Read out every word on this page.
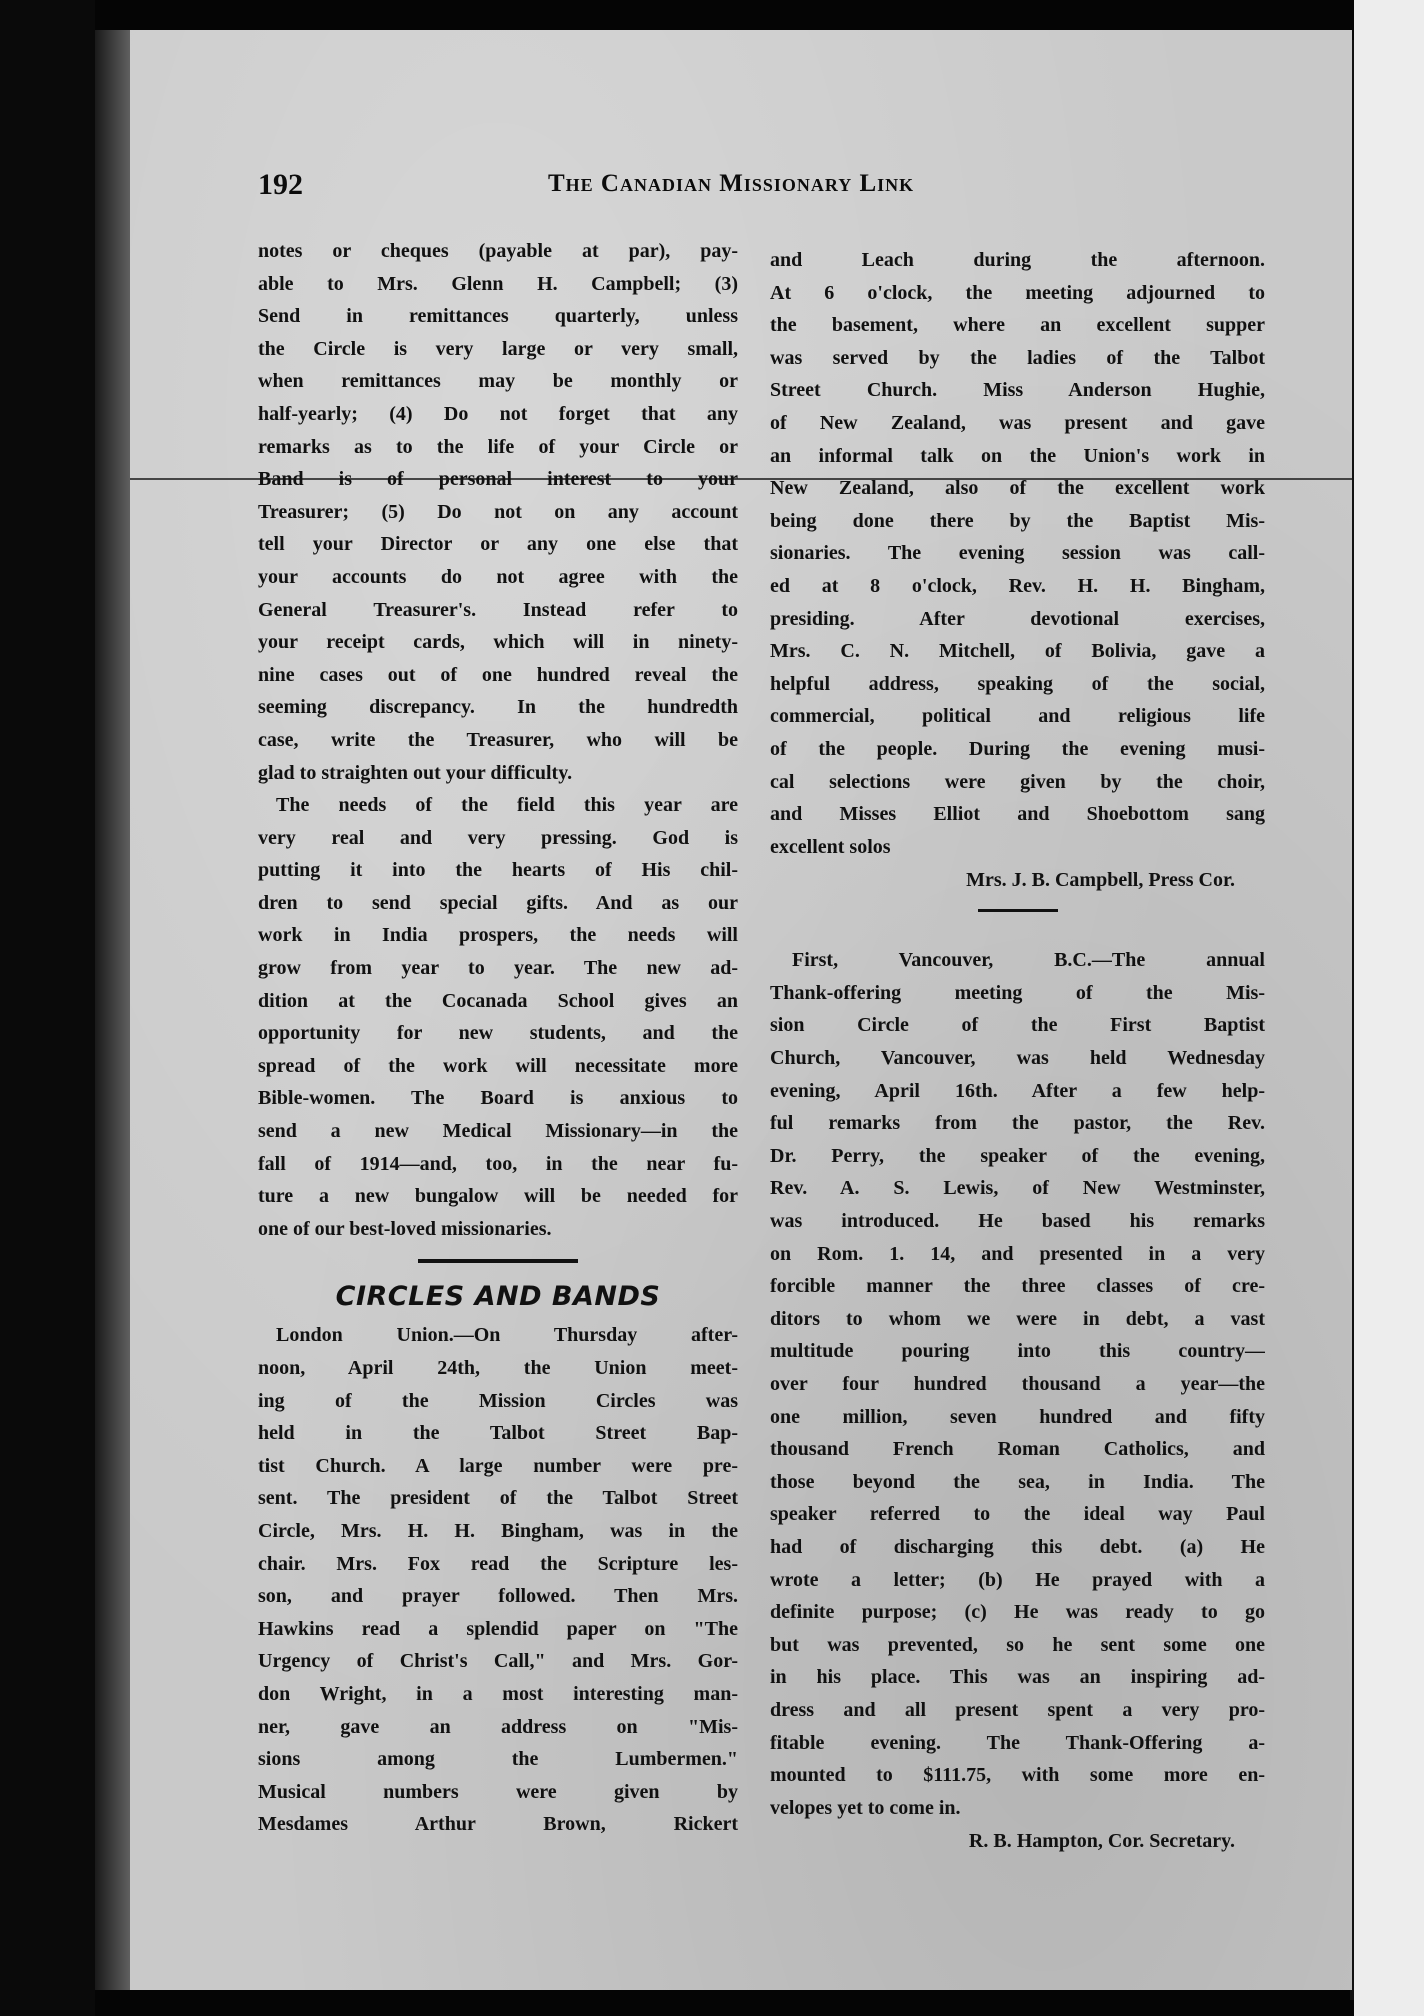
192	The Canadian Missionary Link

notes or cheques (payable at par), pay-
able to Mrs. Glenn H. Campbell; (3)
Send in remittances quarterly, unless
the Circle is very large or very small,
when remittances may be monthly or
half-yearly; (4) Do not forget that any
remarks as to the life of your Circle or
Band is of personal interest to your
Treasurer; (5) Do not on any account
tell your Director or any one else that
your accounts do not agree with the
General Treasurer's. Instead refer to
your receipt cards, which will in ninety-
nine cases out of one hundred reveal the
seeming discrepancy. In the hundredth
case, write the Treasurer, who will be
glad to straighten out your difficulty.

The needs of the field this year are
very real and very pressing. God is
putting it into the hearts of His chil-
dren to send special gifts. And as our
work in India prospers, the needs will
grow from year to year. The new ad-
dition at the Cocanada School gives an
opportunity for new students, and the
spread of the work will necessitate more
Bible-women. The Board is anxious to
send a new Medical Missionary—in the
fall of 1914—and, too, in the near fu-
ture a new bungalow will be needed for
one of our best-loved missionaries.

CIRCLES AND BANDS

London Union.—On Thursday after-
noon, April 24th, the Union meet-
ing of the Mission Circles was
held in the Talbot Street Bap-
tist Church. A large number were pre-
sent. The president of the Talbot Street
Circle, Mrs. H. H. Bingham, was in the
chair. Mrs. Fox read the Scripture les-
son, and prayer followed. Then Mrs.
Hawkins read a splendid paper on "The
Urgency of Christ's Call," and Mrs. Gor-
don Wright, in a most interesting man-
ner, gave an address on "Mis-
sions among the Lumbermen."
Musical numbers were given by
Mesdames Arthur Brown, Rickert

and Leach during the afternoon.
At 6 o'clock, the meeting adjourned to
the basement, where an excellent supper
was served by the ladies of the Talbot
Street Church. Miss Anderson Hughie,
of New Zealand, was present and gave
an informal talk on the Union's work in
New Zealand, also of the excellent work
being done there by the Baptist Mis-
sionaries. The evening session was call-
ed at 8 o'clock, Rev. H. H. Bingham,
presiding. After devotional exercises,
Mrs. C. N. Mitchell, of Bolivia, gave a
helpful address, speaking of the social,
commercial, political and religious life
of the people. During the evening musi-
cal selections were given by the choir,
and Misses Elliot and Shoebottom sang
excellent solos

Mrs. J. B. Campbell, Press Cor.

First, Vancouver, B.C.—The annual
Thank-offering meeting of the Mis-
sion Circle of the First Baptist
Church, Vancouver, was held Wednesday
evening, April 16th. After a few help-
ful remarks from the pastor, the Rev.
Dr. Perry, the speaker of the evening,
Rev. A. S. Lewis, of New Westminster,
was introduced. He based his remarks
on Rom. 1. 14, and presented in a very
forcible manner the three classes of cre-
ditors to whom we were in debt, a vast
multitude pouring into this country—
over four hundred thousand a year—the
one million, seven hundred and fifty
thousand French Roman Catholics, and
those beyond the sea, in India. The
speaker referred to the ideal way Paul
had of discharging this debt. (a) He
wrote a letter; (b) He prayed with a
definite purpose; (c) He was ready to go
but was prevented, so he sent some one
in his place. This was an inspiring ad-
dress and all present spent a very pro-
fitable evening. The Thank-Offering a-
mounted to $111.75, with some more en-
velopes yet to come in.

R. B. Hampton, Cor. Secretary.
